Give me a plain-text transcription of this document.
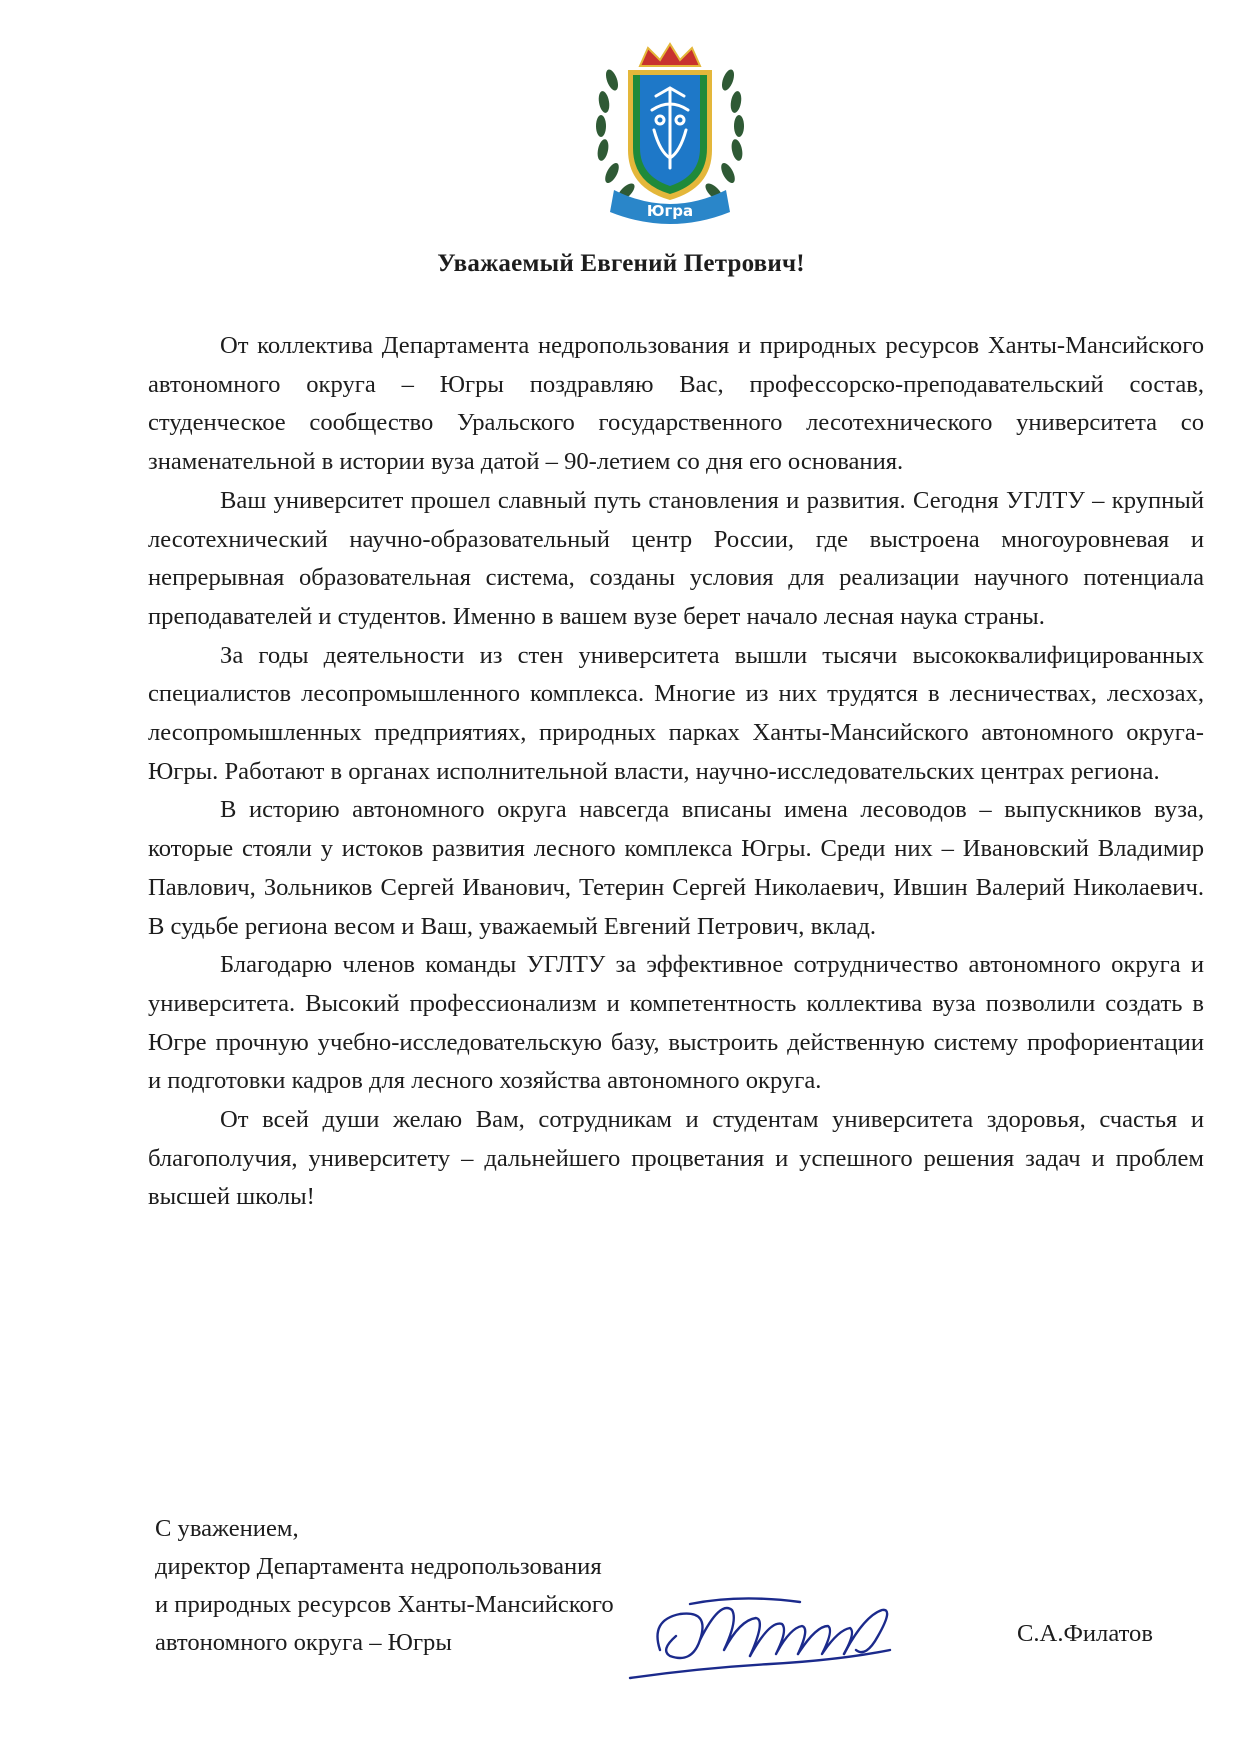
Югра
Уважаемый Евгений Петрович!

От коллектива Департамента недропользования и природных ресурсов Ханты-Мансийского автономного округа – Югры поздравляю Вас, профессорско-преподавательский состав, студенческое сообщество Уральского государственного лесотехнического университета со знаменательной в истории вуза датой – 90-летием со дня его основания.

Ваш университет прошел славный путь становления и развития. Сегодня УГЛТУ – крупный лесотехнический научно-образовательный центр России, где выстроена многоуровневая и непрерывная образовательная система, созданы условия для реализации научного потенциала преподавателей и студентов. Именно в вашем вузе берет начало лесная наука страны.

За годы деятельности из стен университета вышли тысячи высококвалифицированных специалистов лесопромышленного комплекса. Многие из них трудятся в лесничествах, лесхозах, лесопромышленных предприятиях, природных парках Ханты-Мансийского автономного округа-Югры. Работают в органах исполнительной власти, научно-исследовательских центрах региона.

В историю автономного округа навсегда вписаны имена лесоводов – выпускников вуза, которые стояли у истоков развития лесного комплекса Югры. Среди них – Ивановский Владимир Павлович, Зольников Сергей Иванович, Тетерин Сергей Николаевич, Ившин Валерий Николаевич. В судьбе региона весом и Ваш, уважаемый Евгений Петрович, вклад.

Благодарю членов команды УГЛТУ за эффективное сотрудничество автономного округа и университета. Высокий профессионализм и компетентность коллектива вуза позволили создать в Югре прочную учебно-исследовательскую базу, выстроить действенную систему профориентации и подготовки кадров для лесного хозяйства автономного округа.

От всей души желаю Вам, сотрудникам и студентам университета здоровья, счастья и благополучия, университету – дальнейшего процветания и успешного решения задач и проблем высшей школы!

С уважением,
директор Департамента недропользования
и природных ресурсов Ханты-Мансийского
автономного округа – Югры	С.А.Филатов
